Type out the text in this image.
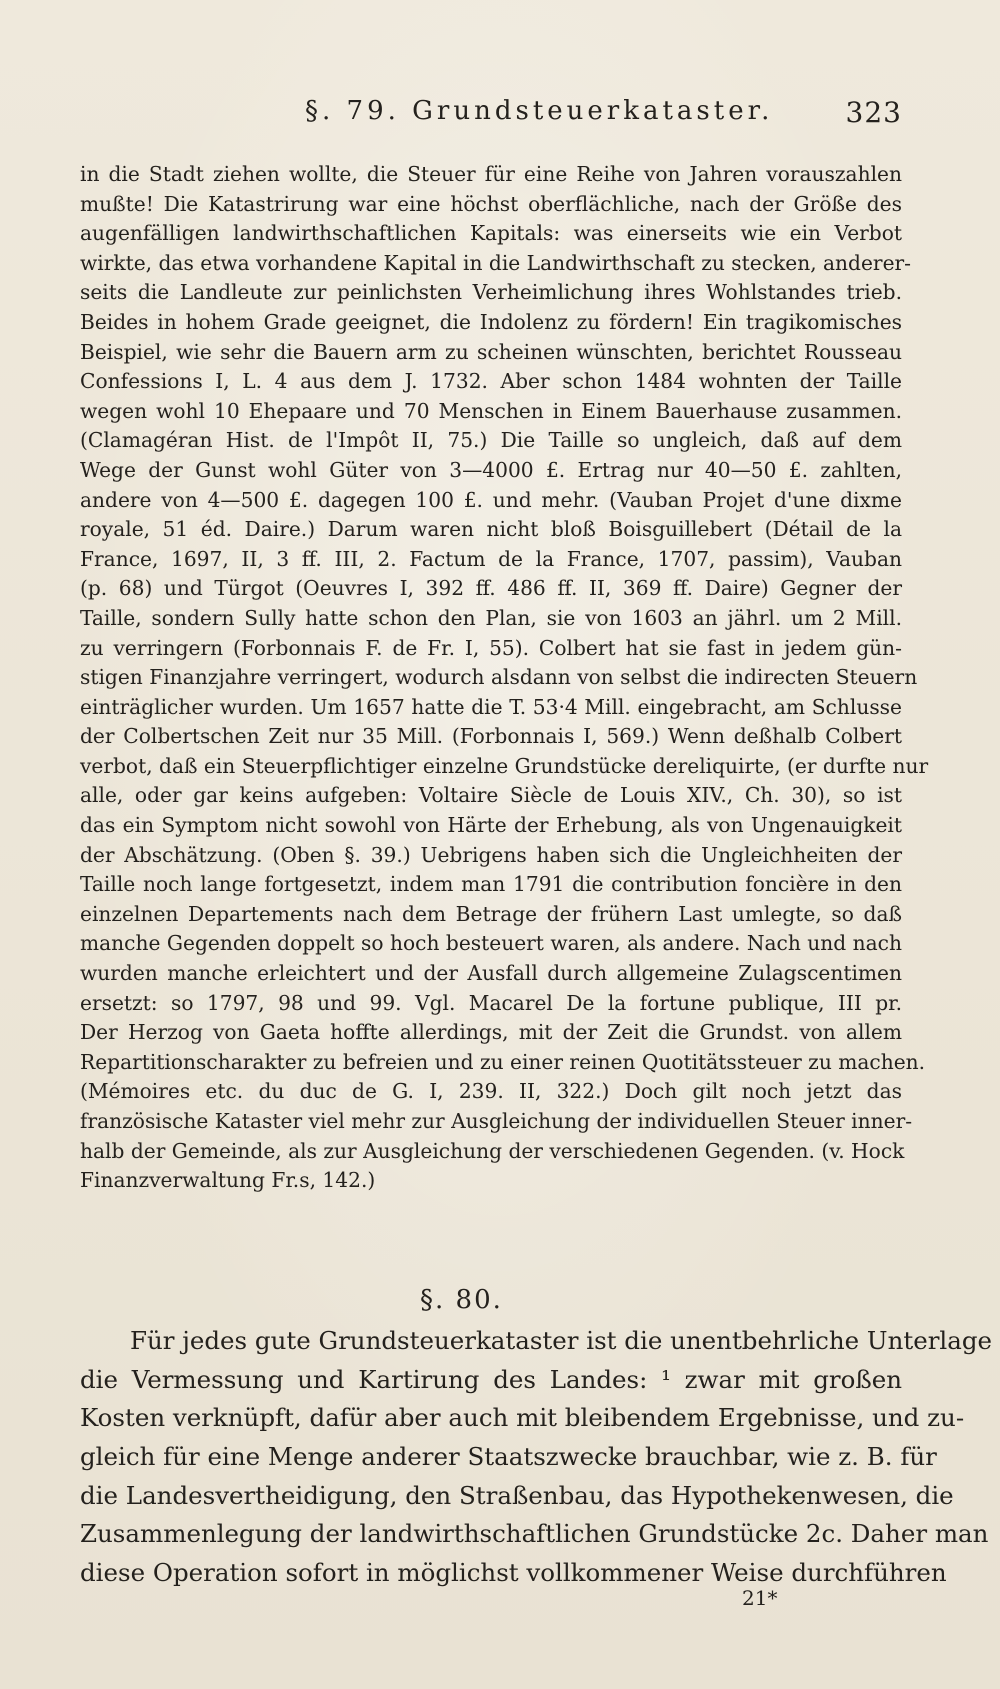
§. 79. Grundsteuerkataster.	323
in die Stadt ziehen wollte, die Steuer für eine Reihe von Jahren vorauszahlen
mußte! Die Katastrirung war eine höchst oberflächliche, nach der Größe des
augenfälligen landwirthschaftlichen Kapitals: was einerseits wie ein Verbot
wirkte, das etwa vorhandene Kapital in die Landwirthschaft zu stecken, anderer-
seits die Landleute zur peinlichsten Verheimlichung ihres Wohlstandes trieb.
Beides in hohem Grade geeignet, die Indolenz zu fördern! Ein tragikomisches
Beispiel, wie sehr die Bauern arm zu scheinen wünschten, berichtet Rousseau
Confessions I, L. 4 aus dem J. 1732. Aber schon 1484 wohnten der Taille
wegen wohl 10 Ehepaare und 70 Menschen in Einem Bauerhause zusammen.
(Clamagéran Hist. de l'Impôt II, 75.) Die Taille so ungleich, daß auf dem
Wege der Gunst wohl Güter von 3—4000 £. Ertrag nur 40—50 £. zahlten,
andere von 4—500 £. dagegen 100 £. und mehr. (Vauban Projet d'une dixme
royale, 51 éd. Daire.) Darum waren nicht bloß Boisguillebert (Détail de la
France, 1697, II, 3 ff. III, 2. Factum de la France, 1707, passim), Vauban
(p. 68) und Türgot (Oeuvres I, 392 ff. 486 ff. II, 369 ff. Daire) Gegner der
Taille, sondern Sully hatte schon den Plan, sie von 1603 an jährl. um 2 Mill.
zu verringern (Forbonnais F. de Fr. I, 55). Colbert hat sie fast in jedem gün-
stigen Finanzjahre verringert, wodurch alsdann von selbst die indirecten Steuern
einträglicher wurden. Um 1657 hatte die T. 53·4 Mill. eingebracht, am Schlusse
der Colbertschen Zeit nur 35 Mill. (Forbonnais I, 569.) Wenn deßhalb Colbert
verbot, daß ein Steuerpflichtiger einzelne Grundstücke dereliquirte, (er durfte nur
alle, oder gar keins aufgeben: Voltaire Siècle de Louis XIV., Ch. 30), so ist
das ein Symptom nicht sowohl von Härte der Erhebung, als von Ungenauigkeit
der Abschätzung. (Oben §. 39.) Uebrigens haben sich die Ungleichheiten der
Taille noch lange fortgesetzt, indem man 1791 die contribution foncière in den
einzelnen Departements nach dem Betrage der frühern Last umlegte, so daß
manche Gegenden doppelt so hoch besteuert waren, als andere. Nach und nach
wurden manche erleichtert und der Ausfall durch allgemeine Zulagscentimen
ersetzt: so 1797, 98 und 99. Vgl. Macarel De la fortune publique, III pr.
Der Herzog von Gaeta hoffte allerdings, mit der Zeit die Grundst. von allem
Repartitionscharakter zu befreien und zu einer reinen Quotitätssteuer zu machen.
(Mémoires etc. du duc de G. I, 239. II, 322.) Doch gilt noch jetzt das
französische Kataster viel mehr zur Ausgleichung der individuellen Steuer inner-
halb der Gemeinde, als zur Ausgleichung der verschiedenen Gegenden. (v. Hock
Finanzverwaltung Fr.s, 142.)
§. 80.
Für jedes gute Grundsteuerkataster ist die unentbehrliche Unterlage
die Vermessung und Kartirung des Landes: ¹ zwar mit großen
Kosten verknüpft, dafür aber auch mit bleibendem Ergebnisse, und zu-
gleich für eine Menge anderer Staatszwecke brauchbar, wie z. B. für
die Landesvertheidigung, den Straßenbau, das Hypothekenwesen, die
Zusammenlegung der landwirthschaftlichen Grundstücke 2c. Daher man
diese Operation sofort in möglichst vollkommener Weise durchführen
21*
